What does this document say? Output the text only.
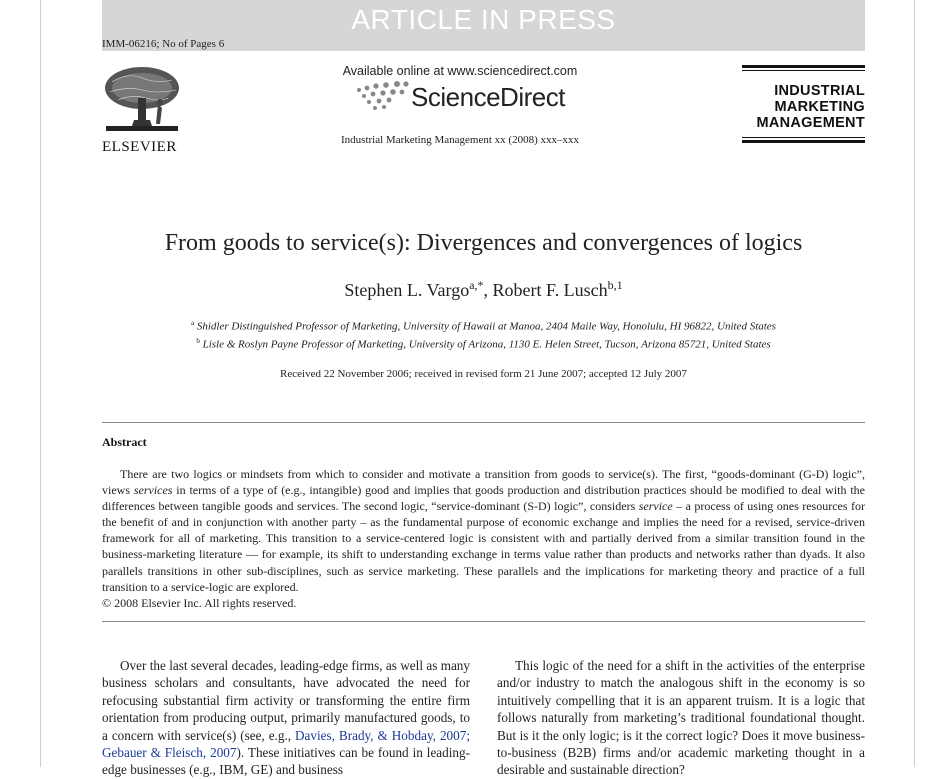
ARTICLE IN PRESS
IMM-06216; No of Pages 6
ELSEVIER
Available online at www.sciencedirect.com
ScienceDirect
Industrial Marketing Management xx (2008) xxx–xxx
INDUSTRIAL
MARKETING
MANAGEMENT
From goods to service(s): Divergences and convergences of logics
Stephen L. Vargo$^{a,*}$, Robert F. Lusch$^{b,1}$
$^a$ Shidler Distinguished Professor of Marketing, University of Hawaii at Manoa, 2404 Maile Way, Honolulu, HI 96822, United States
$^b$ Lisle & Roslyn Payne Professor of Marketing, University of Arizona, 1130 E. Helen Street, Tucson, Arizona 85721, United States
Received 22 November 2006; received in revised form 21 June 2007; accepted 12 July 2007
Abstract

There are two logics or mindsets from which to consider and motivate a transition from goods to service(s). The first, “goods-dominant (G-D) logic”, views services in terms of a type of (e.g., intangible) good and implies that goods production and distribution practices should be modified to deal with the differences between tangible goods and services. The second logic, “service-dominant (S-D) logic”, considers service – a process of using ones resources for the benefit of and in conjunction with another party – as the fundamental purpose of economic exchange and implies the need for a revised, service-driven framework for all of marketing. This transition to a service-centered logic is consistent with and partially derived from a similar transition found in the business-marketing literature — for example, its shift to understanding exchange in terms value rather than products and networks rather than dyads. It also parallels transitions in other sub-disciplines, such as service marketing. These parallels and the implications for marketing theory and practice of a full transition to a service-logic are explored.

© 2008 Elsevier Inc. All rights reserved.

Over the last several decades, leading-edge firms, as well as many business scholars and consultants, have advocated the need for refocusing substantial firm activity or transforming the entire firm orientation from producing output, primarily manufactured goods, to a concern with service(s) (see, e.g., Davies, Brady, & Hobday, 2007; Gebauer & Fleisch, 2007). These initiatives can be found in leading-edge businesses (e.g., IBM, GE) and business

This logic of the need for a shift in the activities of the enterprise and/or industry to match the analogous shift in the economy is so intuitively compelling that it is an apparent truism. It is a logic that follows naturally from marketing’s traditional foundational thought. But is it the only logic; is it the correct logic? Does it move business-to-business (B2B) firms and/or academic marketing thought in a desirable and sustainable direction?
